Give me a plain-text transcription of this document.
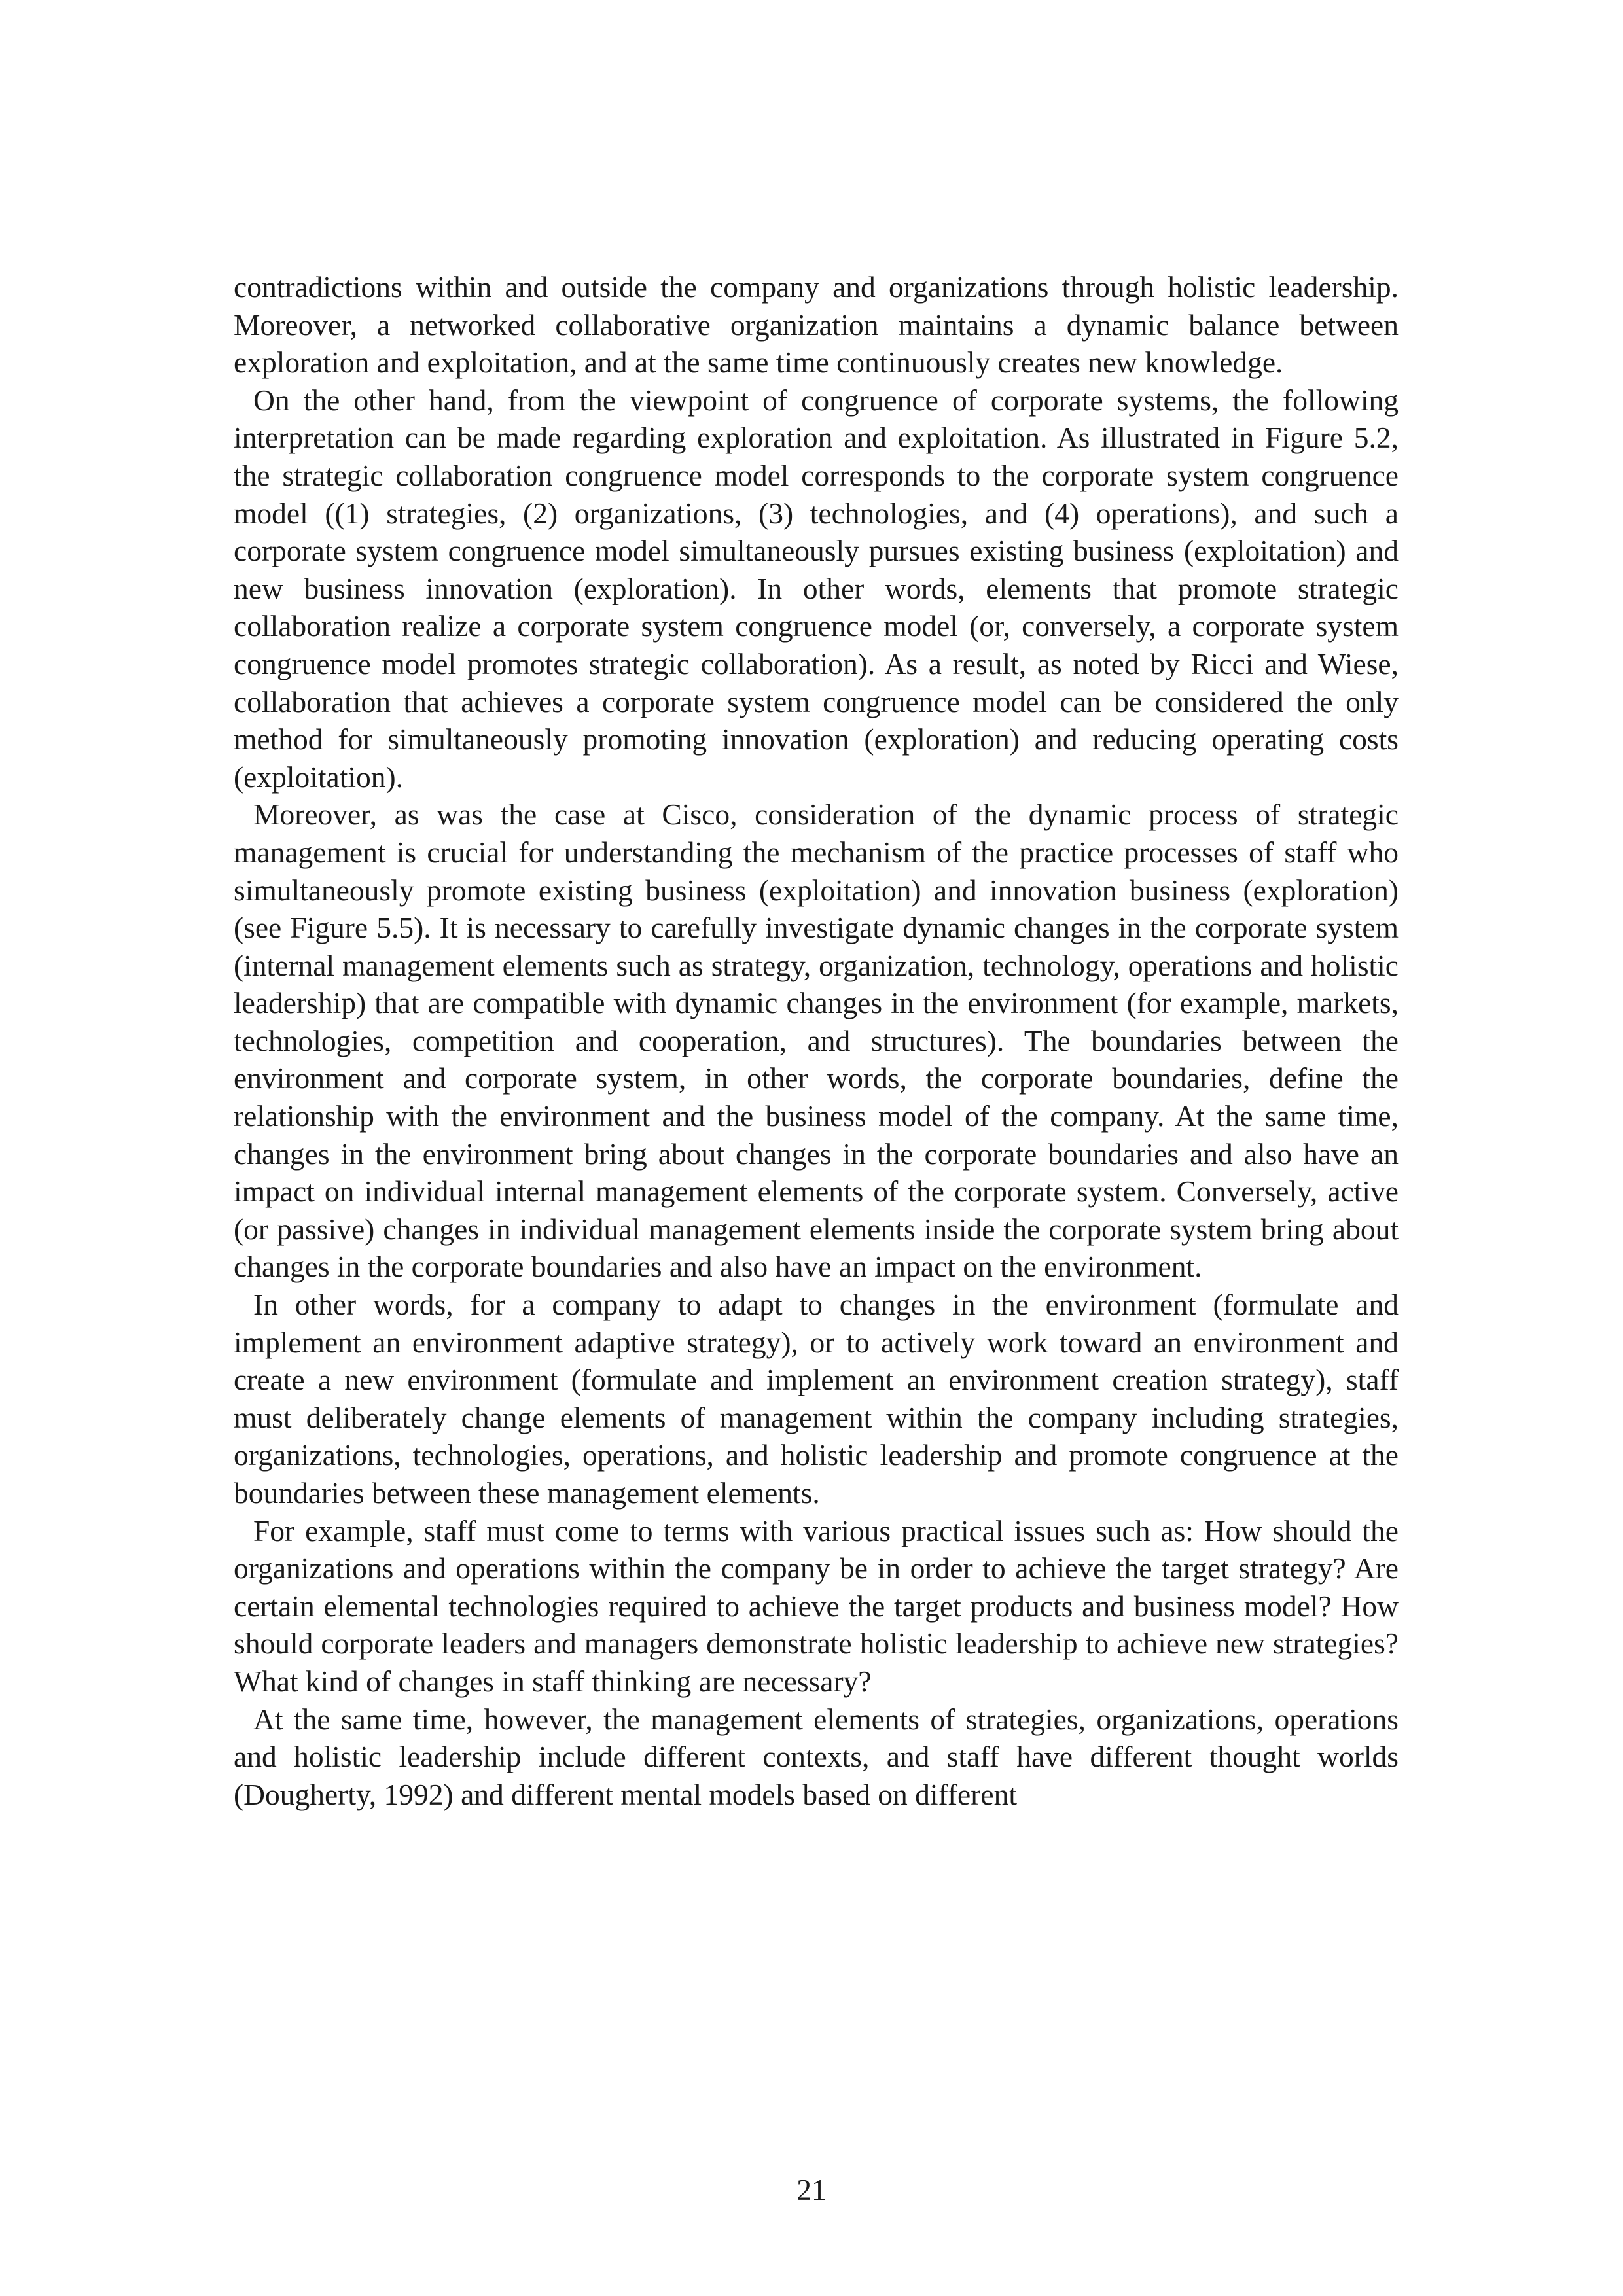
contradictions within and outside the company and organizations through holistic leadership. Moreover, a networked collaborative organization maintains a dynamic balance between exploration and exploitation, and at the same time continuously creates new knowledge.

On the other hand, from the viewpoint of congruence of corporate systems, the following interpretation can be made regarding exploration and exploitation. As illustrated in Figure 5.2, the strategic collaboration congruence model corresponds to the corporate system congruence model ((1) strategies, (2) organizations, (3) technologies, and (4) operations), and such a corporate system congruence model simultaneously pursues existing business (exploitation) and new business innovation (exploration). In other words, elements that promote strategic collaboration realize a corporate system congruence model (or, conversely, a corporate system congruence model promotes strategic collaboration). As a result, as noted by Ricci and Wiese, collaboration that achieves a corporate system congruence model can be considered the only method for simultaneously promoting innovation (exploration) and reducing operating costs (exploitation).

Moreover, as was the case at Cisco, consideration of the dynamic process of strategic management is crucial for understanding the mechanism of the practice processes of staff who simultaneously promote existing business (exploitation) and innovation business (exploration) (see Figure 5.5). It is necessary to carefully investigate dynamic changes in the corporate system (internal management elements such as strategy, organization, technology, operations and holistic leadership) that are compatible with dynamic changes in the environment (for example, markets, technologies, competition and cooperation, and structures). The boundaries between the environment and corporate system, in other words, the corporate boundaries, define the relationship with the environment and the business model of the company. At the same time, changes in the environment bring about changes in the corporate boundaries and also have an impact on individual internal management elements of the corporate system. Conversely, active (or passive) changes in individual management elements inside the corporate system bring about changes in the corporate boundaries and also have an impact on the environment.

In other words, for a company to adapt to changes in the environment (formulate and implement an environment adaptive strategy), or to actively work toward an environment and create a new environment (formulate and implement an environment creation strategy), staff must deliberately change elements of management within the company including strategies, organizations, technologies, operations, and holistic leadership and promote congruence at the boundaries between these management elements.

For example, staff must come to terms with various practical issues such as: How should the organizations and operations within the company be in order to achieve the target strategy? Are certain elemental technologies required to achieve the target products and business model? How should corporate leaders and managers demonstrate holistic leadership to achieve new strategies? What kind of changes in staff thinking are necessary?

At the same time, however, the management elements of strategies, organizations, operations and holistic leadership include different contexts, and staff have different thought worlds (Dougherty, 1992) and different mental models based on different

21
